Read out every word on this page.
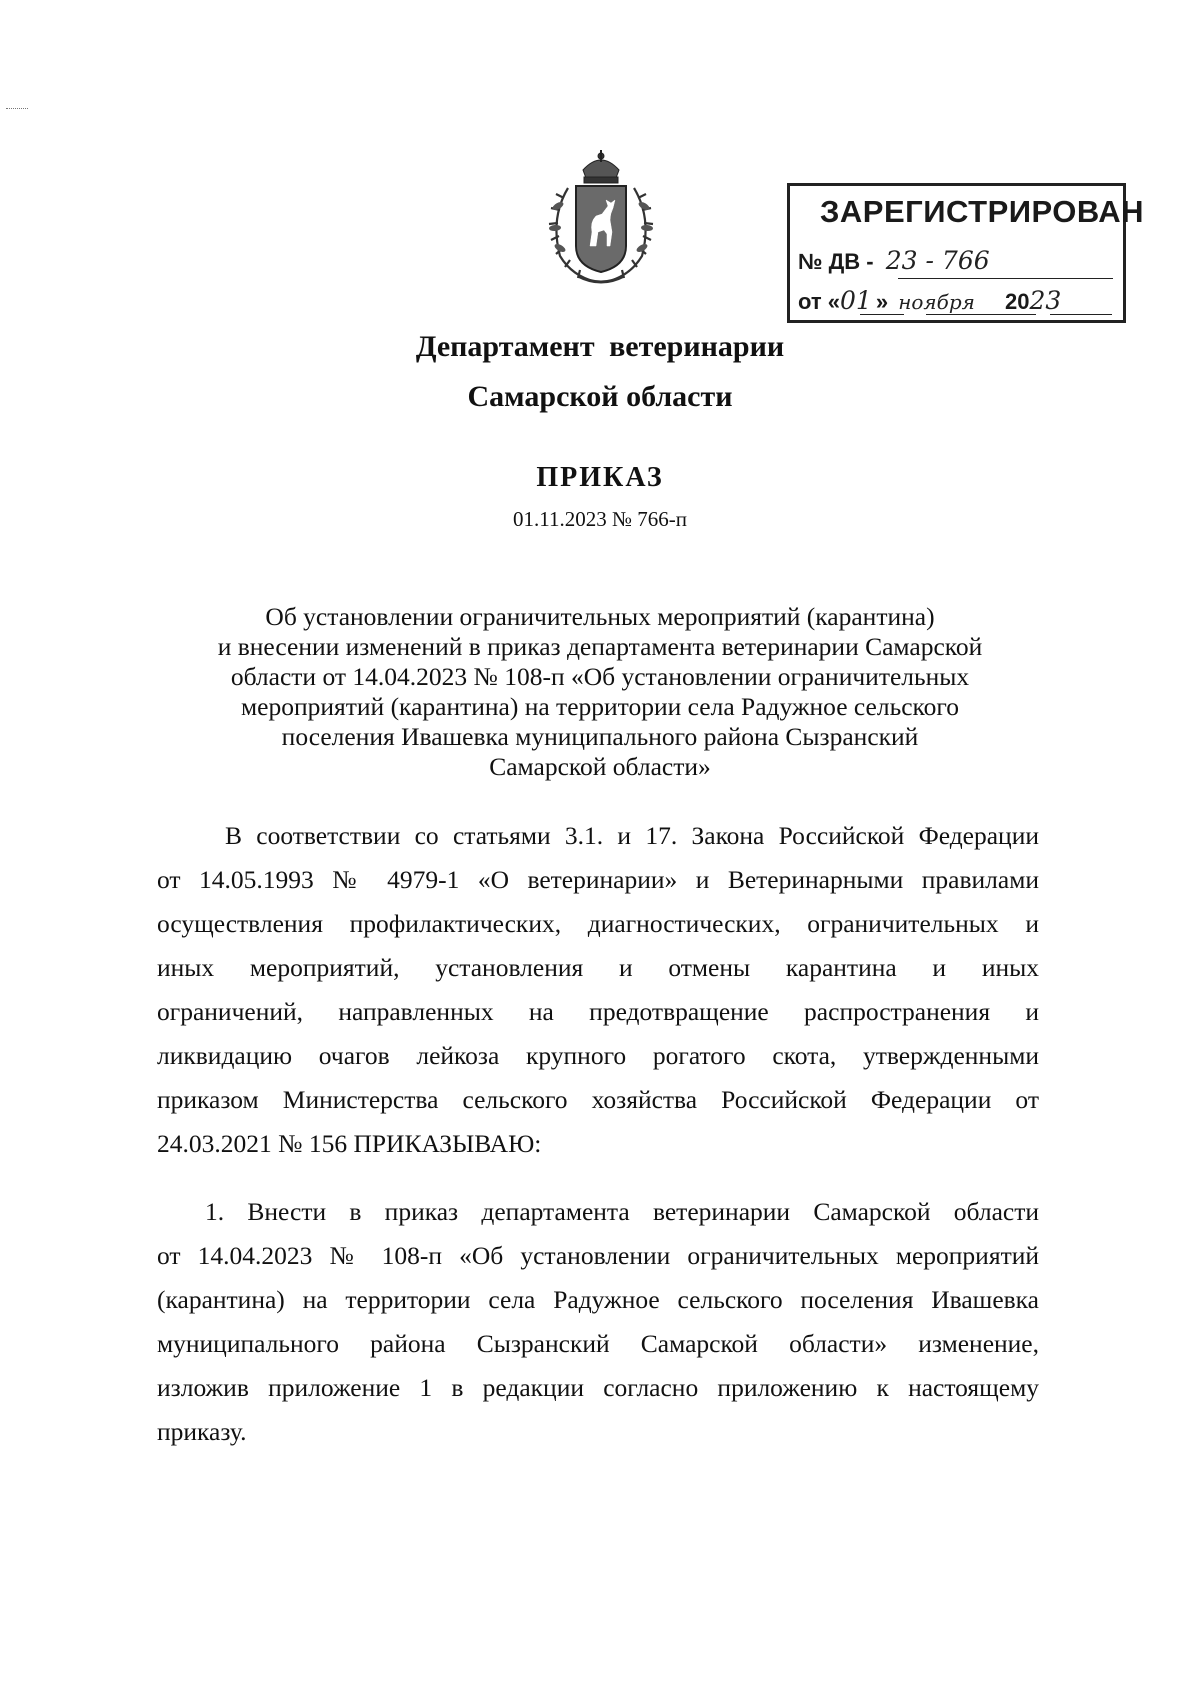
ЗАРЕГИСТРИРОВАН
№ ДВ - 23 - 766
от «01 » ноября 2023
Департамент ветеринарии
Самарской области
ПРИКАЗ
01.11.2023 № 766-п
Об установлении ограничительных мероприятий (карантина)
и внесении изменений в приказ департамента ветеринарии Самарской
области от 14.04.2023 № 108-п «Об установлении ограничительных
мероприятий (карантина) на территории села Радужное сельского
поселения Ивашевка муниципального района Сызранский
Самарской области»
В соответствии со статьями 3.1. и 17. Закона Российской Федерации
от 14.05.1993 № 4979-1 «О ветеринарии» и Ветеринарными правилами
осуществления профилактических, диагностических, ограничительных и
иных мероприятий, установления и отмены карантина и иных
ограничений, направленных на предотвращение распространения и
ликвидацию очагов лейкоза крупного рогатого скота, утвержденными
приказом Министерства сельского хозяйства Российской Федерации от
24.03.2021 № 156 ПРИКАЗЫВАЮ:
1. Внести в приказ департамента ветеринарии Самарской области
от 14.04.2023 № 108-п «Об установлении ограничительных мероприятий
(карантина) на территории села Радужное сельского поселения Ивашевка
муниципального района Сызранский Самарской области» изменение,
изложив приложение 1 в редакции согласно приложению к настоящему
приказу.
